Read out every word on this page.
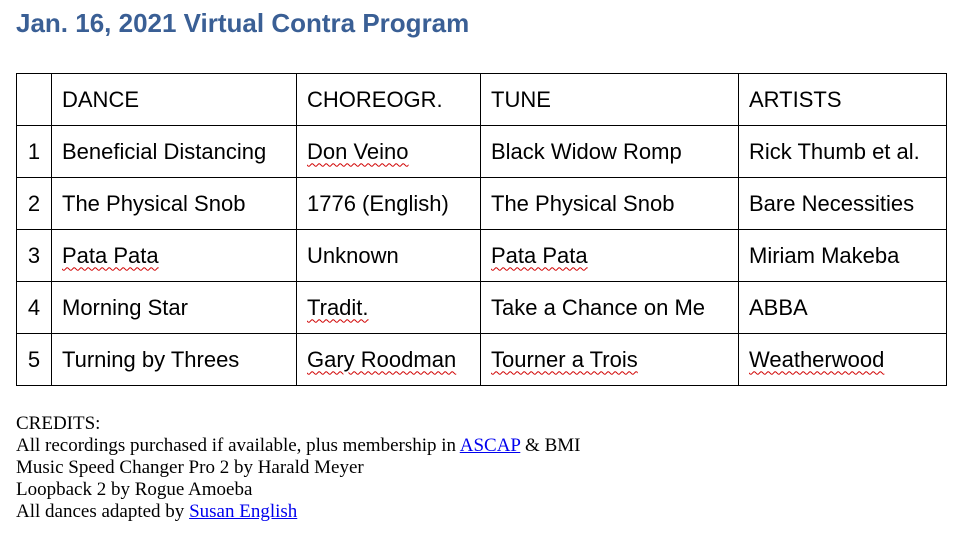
Jan. 16, 2021 Virtual Contra Program
	DANCE	CHOREOGR.	TUNE	ARTISTS
1	Beneficial Distancing	Don Veino	Black Widow Romp	Rick Thumb et al.
2	The Physical Snob	1776 (English)	The Physical Snob	Bare Necessities
3	Pata Pata	Unknown	Pata Pata	Miriam Makeba
4	Morning Star	Tradit.	Take a Chance on Me	ABBA
5	Turning by Threes	Gary Roodman	Tourner a Trois	Weatherwood
CREDITS:
All recordings purchased if available, plus membership in ASCAP & BMI
Music Speed Changer Pro 2 by Harald Meyer
Loopback 2 by Rogue Amoeba
All dances adapted by Susan English
